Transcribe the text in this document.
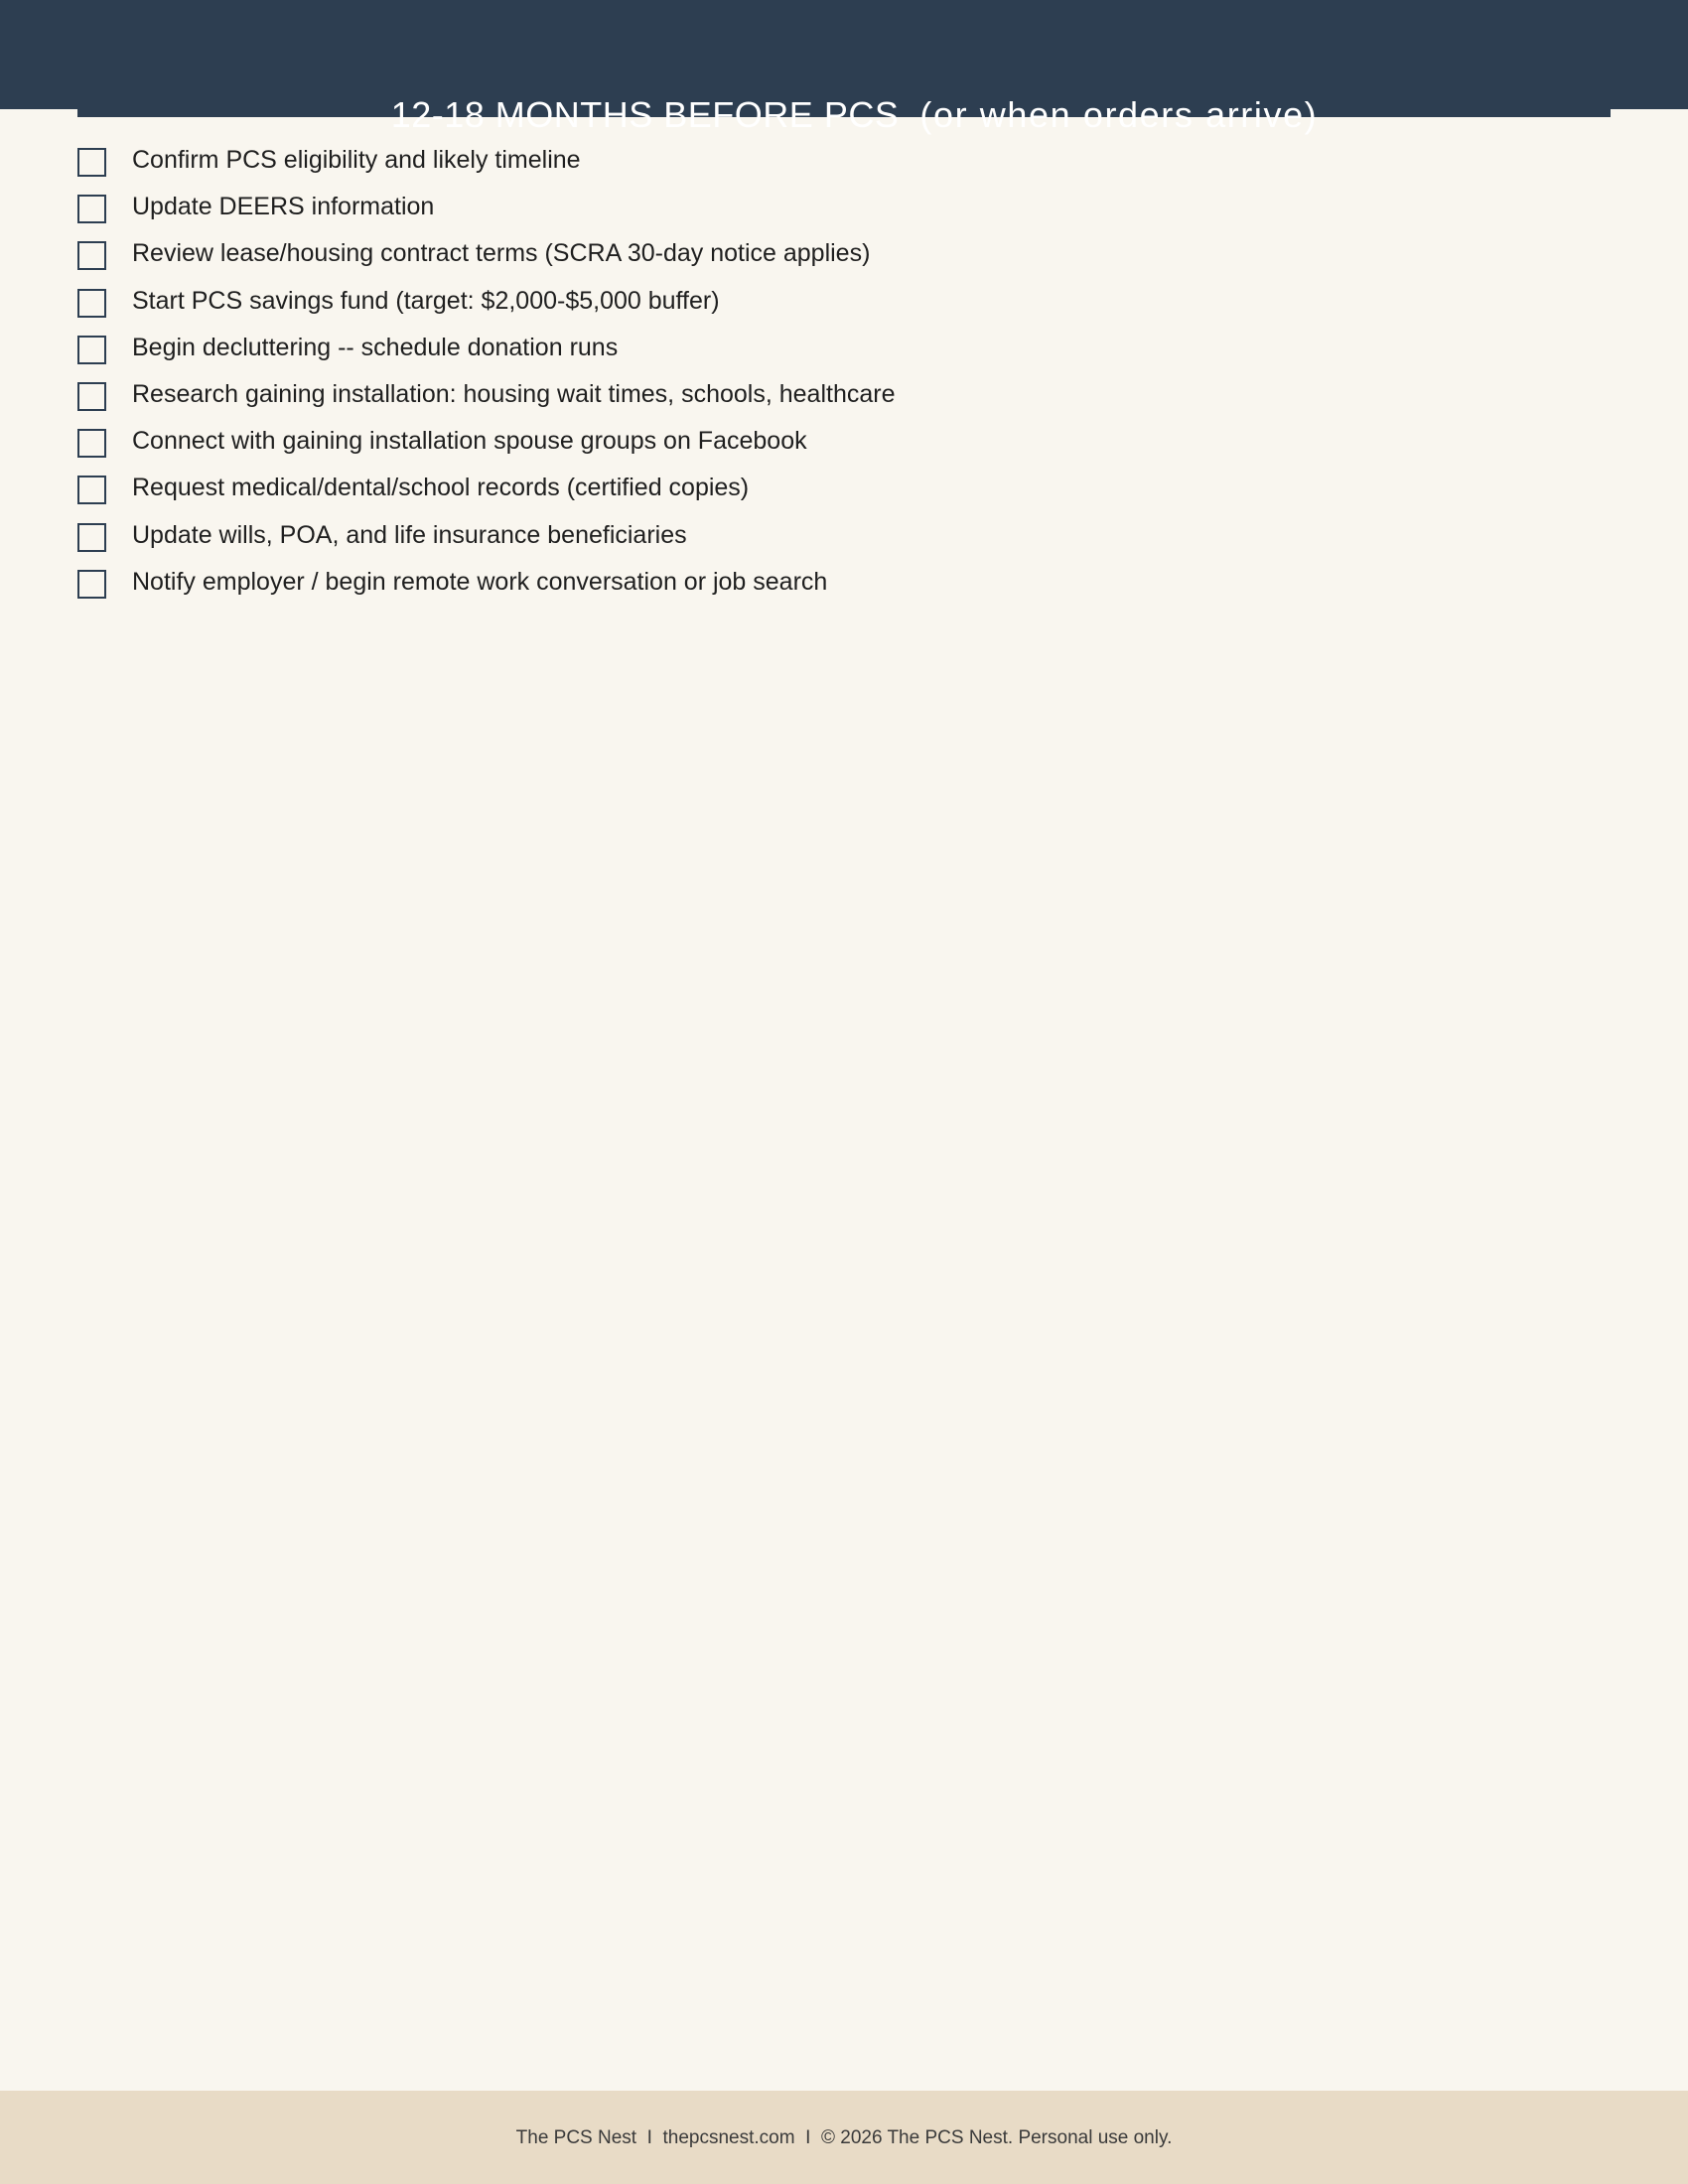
12-18 MONTHS BEFORE PCS (or when orders arrive)

Confirm PCS eligibility and likely timeline
Update DEERS information
Review lease/housing contract terms (SCRA 30-day notice applies)
Start PCS savings fund (target: $2,000-$5,000 buffer)
Begin decluttering -- schedule donation runs
Research gaining installation: housing wait times, schools, healthcare
Connect with gaining installation spouse groups on Facebook
Request medical/dental/school records (certified copies)
Update wills, POA, and life insurance beneficiaries
Notify employer / begin remote work conversation or job search
The PCS Nest I thepcsnest.com I © 2026 The PCS Nest. Personal use only.
